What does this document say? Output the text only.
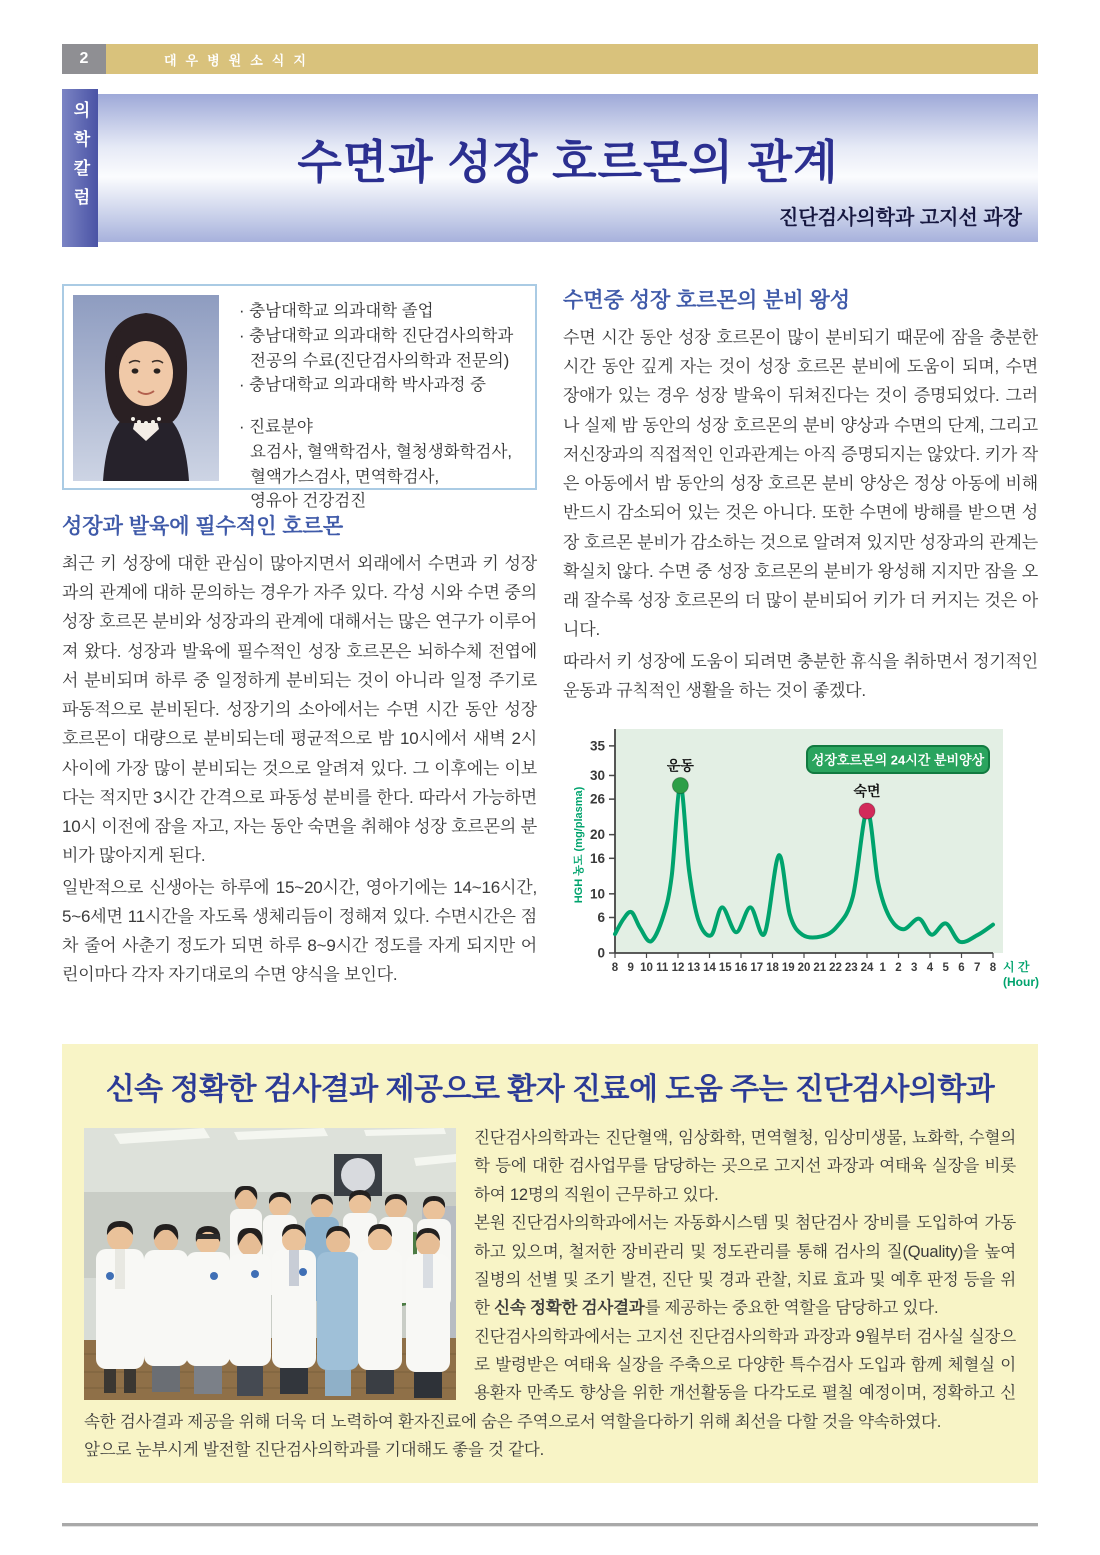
2	대우병원소식지
의학칼럼	수면과 성장 호르몬의 관계
진단검사의학과 고지선 과장
· 충남대학교 의과대학 졸업
· 충남대학교 의과대학 진단검사의학과
전공의 수료(진단검사의학과 전문의)
· 충남대학교 의과대학 박사과정 중
· 진료분야
요검사, 혈액학검사, 혈청생화학검사,
혈액가스검사, 면역학검사,
영유아 건강검진
성장과 발육에 필수적인 호르몬

최근 키 성장에 대한 관심이 많아지면서 외래에서 수면과 키 성장과의 관계에 대하 문의하는 경우가 자주 있다. 각성 시와 수면 중의 성장 호르몬 분비와 성장과의 관계에 대해서는 많은 연구가 이루어져 왔다. 성장과 발육에 필수적인 성장 호르몬은 뇌하수체 전엽에서 분비되며 하루 중 일정하게 분비되는 것이 아니라 일정 주기로 파동적으로 분비된다. 성장기의 소아에서는 수면 시간 동안 성장 호르몬이 대량으로 분비되는데 평균적으로 밤 10시에서 새벽 2시 사이에 가장 많이 분비되는 것으로 알려져 있다. 그 이후에는 이보다는 적지만 3시간 간격으로 파동성 분비를 한다. 따라서 가능하면 10시 이전에 잠을 자고, 자는 동안 숙면을 취해야 성장 호르몬의 분비가 많아지게 된다.

일반적으로 신생아는 하루에 15~20시간, 영아기에는 14~16시간, 5~6세면 11시간을 자도록 생체리듬이 정해져 있다. 수면시간은 점차 줄어 사춘기 정도가 되면 하루 8~9시간 정도를 자게 되지만 어린이마다 각자 자기대로의 수면 양식을 보인다.

수면중 성장 호르몬의 분비 왕성

수면 시간 동안 성장 호르몬이 많이 분비되기 때문에 잠을 충분한 시간 동안 깊게 자는 것이 성장 호르몬 분비에 도움이 되며, 수면 장애가 있는 경우 성장 발육이 뒤쳐진다는 것이 증명되었다. 그러나 실제 밤 동안의 성장 호르몬의 분비 양상과 수면의 단계, 그리고 저신장과의 직접적인 인과관계는 아직 증명되지는 않았다. 키가 작은 아동에서 밤 동안의 성장 호르몬 분비 양상은 정상 아동에 비해 반드시 감소되어 있는 것은 아니다. 또한 수면에 방해를 받으면 성장 호르몬 분비가 감소하는 것으로 알려져 있지만 성장과의 관계는 확실치 않다. 수면 중 성장 호르몬의 분비가 왕성해 지지만 잠을 오래 잘수록 성장 호르몬의 더 많이 분비되어 키가 더 커지는 것은 아니다.

따라서 키 성장에 도움이 되려면 충분한 휴식을 취하면서 정기적인 운동과 규칙적인 생활을 하는 것이 좋겠다.

0
6
10
16
20
26
30
35
8 9 10 11 12 13 14 15 16 17 18 19 20 21 22 23 24 1 2 3 4 5 6 7 8
운동
숙면
성장호르몬의 24시간 분비양상
HGH 농도 (mg/plasma)
시 간
(Hour)
신속 정확한 검사결과 제공으로 환자 진료에 도움 주는 진단검사의학과

진단검사의학과는 진단혈액, 임상화학, 면역혈청, 임상미생물, 뇨화학, 수혈의학 등에 대한 검사업무를 담당하는 곳으로 고지선 과장과 여태육 실장을 비롯하여 12명의 직원이 근무하고 있다.

본원 진단검사의학과에서는 자동화시스템 및 첨단검사 장비를 도입하여 가동하고 있으며, 철저한 장비관리 및 정도관리를 통해 검사의 질(Quality)을 높여 질병의 선별 및 조기 발견, 진단 및 경과 관찰, 치료 효과 및 예후 판정 등을 위한 신속 정확한 검사결과를 제공하는 중요한 역할을 담당하고 있다.

진단검사의학과에서는 고지선 진단검사의학과 과장과 9월부터 검사실 실장으로 발령받은 여태육 실장을 주축으로 다양한 특수검사 도입과 함께 체혈실 이용환자 만족도 향상을 위한 개선활동을 다각도로 펼칠 예정이며, 정확하고 신속한 검사결과 제공을 위해 더욱 더 노력하여 환자진료에 숨은 주역으로서 역할을다하기 위해 최선을 다할 것을 약속하였다.

앞으로 눈부시게 발전할 진단검사의학과를 기대해도 좋을 것 같다.
